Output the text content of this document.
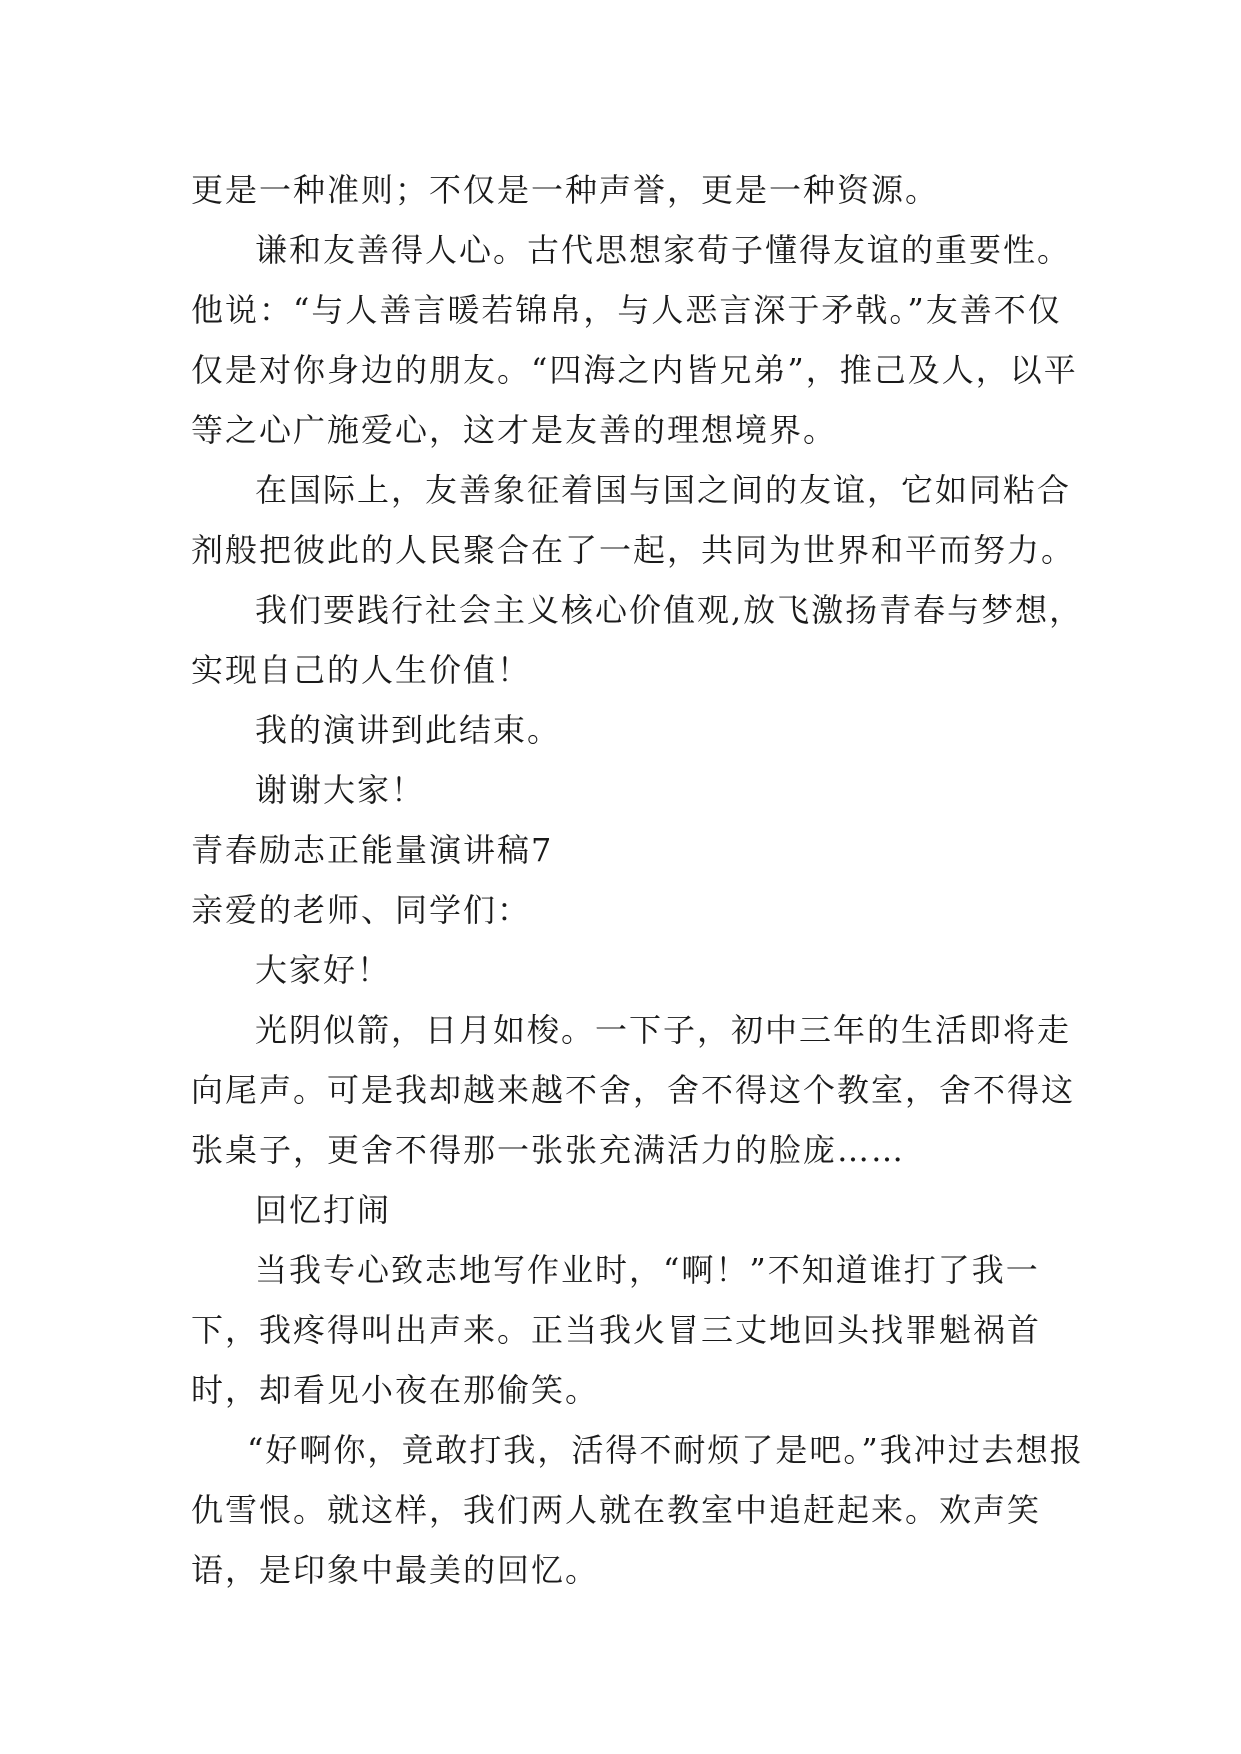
更是一种准则；不仅是一种声誉，更是一种资源。

谦和友善得人心。古代思想家荀子懂得友谊的重要性。他说：“与人善言暖若锦帛，与人恶言深于矛戟。”友善不仅仅是对你身边的朋友。“四海之内皆兄弟”，推己及人，以平等之心广施爱心，这才是友善的理想境界。

在国际上，友善象征着国与国之间的友谊，它如同粘合剂般把彼此的人民聚合在了一起，共同为世界和平而努力。

我们要践行社会主义核心价值观,放飞激扬青春与梦想，实现自己的人生价值！

我的演讲到此结束。

谢谢大家！

青春励志正能量演讲稿7

亲爱的老师、同学们：

大家好！

光阴似箭，日月如梭。一下子，初中三年的生活即将走向尾声。可是我却越来越不舍，舍不得这个教室，舍不得这张桌子，更舍不得那一张张充满活力的脸庞……

回忆打闹

当我专心致志地写作业时，“啊！”不知道谁打了我一下，我疼得叫出声来。正当我火冒三丈地回头找罪魁祸首时，却看见小夜在那偷笑。

“好啊你，竟敢打我，活得不耐烦了是吧。”我冲过去想报仇雪恨。就这样，我们两人就在教室中追赶起来。欢声笑语，是印象中最美的回忆。
